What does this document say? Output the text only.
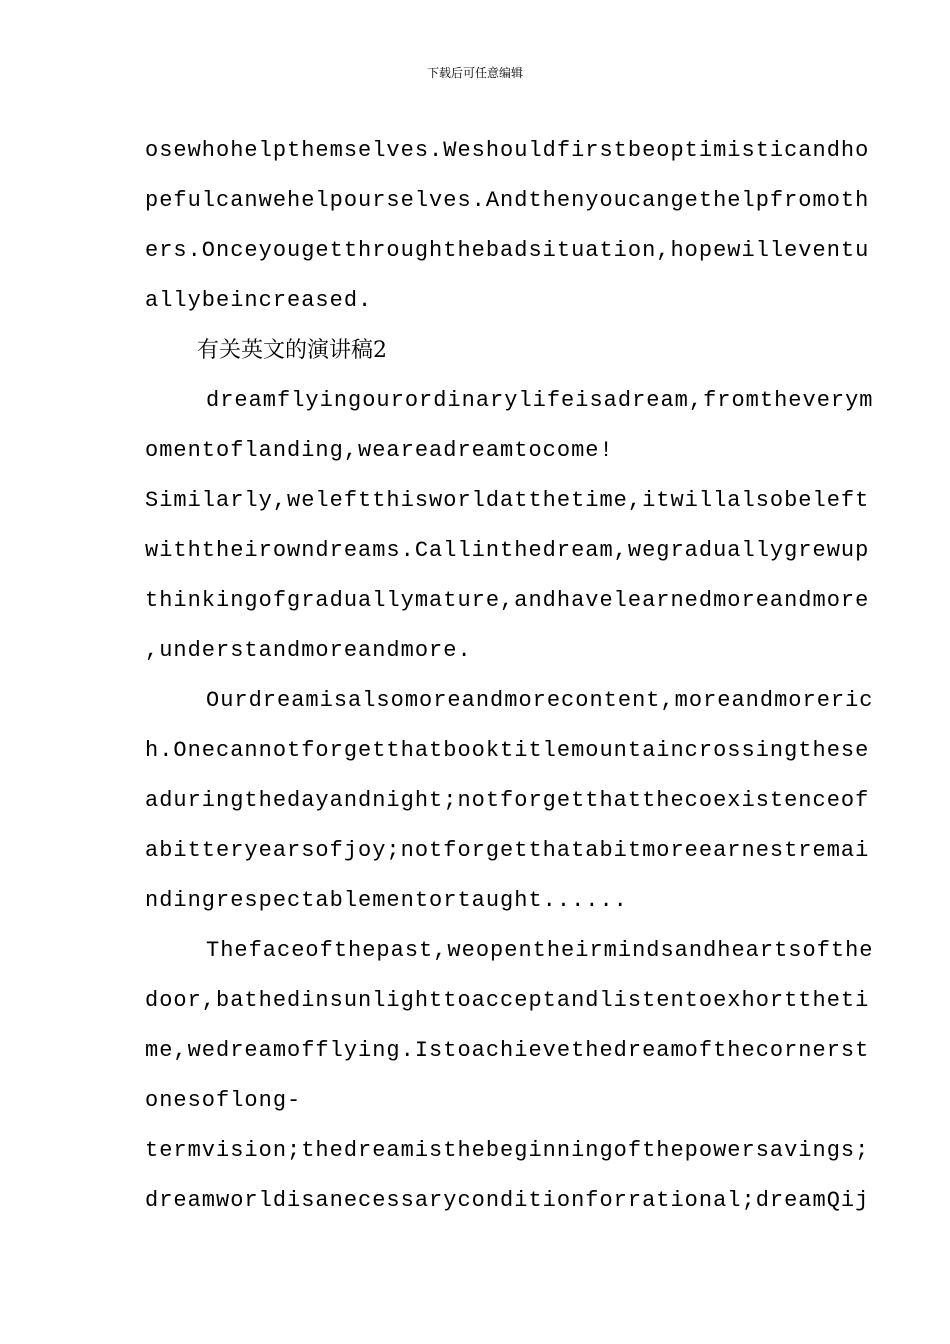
下载后可任意编辑
osewhohelpthemselves.Weshouldfirstbeoptimisticandho
pefulcanwehelpourselves.Andthenyoucangethelpfromoth
ers.Onceyougetthroughthebadsituation,hopewilleventu
allybeincreased.
有关英文的演讲稿2
dreamflyingourordinarylifeisadream,fromtheverym
omentoflanding,weareadreamtocome!
Similarly,weleftthisworldatthetime,itwillalsobeleft
withtheirowndreams.Callinthedream,wegraduallygrewup
thinkingofgraduallymature,andhavelearnedmoreandmore
,understandmoreandmore.
Ourdreamisalsomoreandmorecontent,moreandmoreric
h.Onecannotforgetthatbooktitlemountaincrossingthese
aduringthedayandnight;notforgetthatthecoexistenceof
abitteryearsofjoy;notforgetthatabitmoreearnestremai
ndingrespectablementortaught......
Thefaceofthepast,weopentheirmindsandheartsofthe
door,bathedinsunlighttoacceptandlistentoexhorttheti
me,wedreamofflying.Istoachievethedreamofthecornerst
onesoflong-
termvision;thedreamisthebeginningofthepowersavings;
dreamworldisanecessaryconditionforrational;dreamQij
